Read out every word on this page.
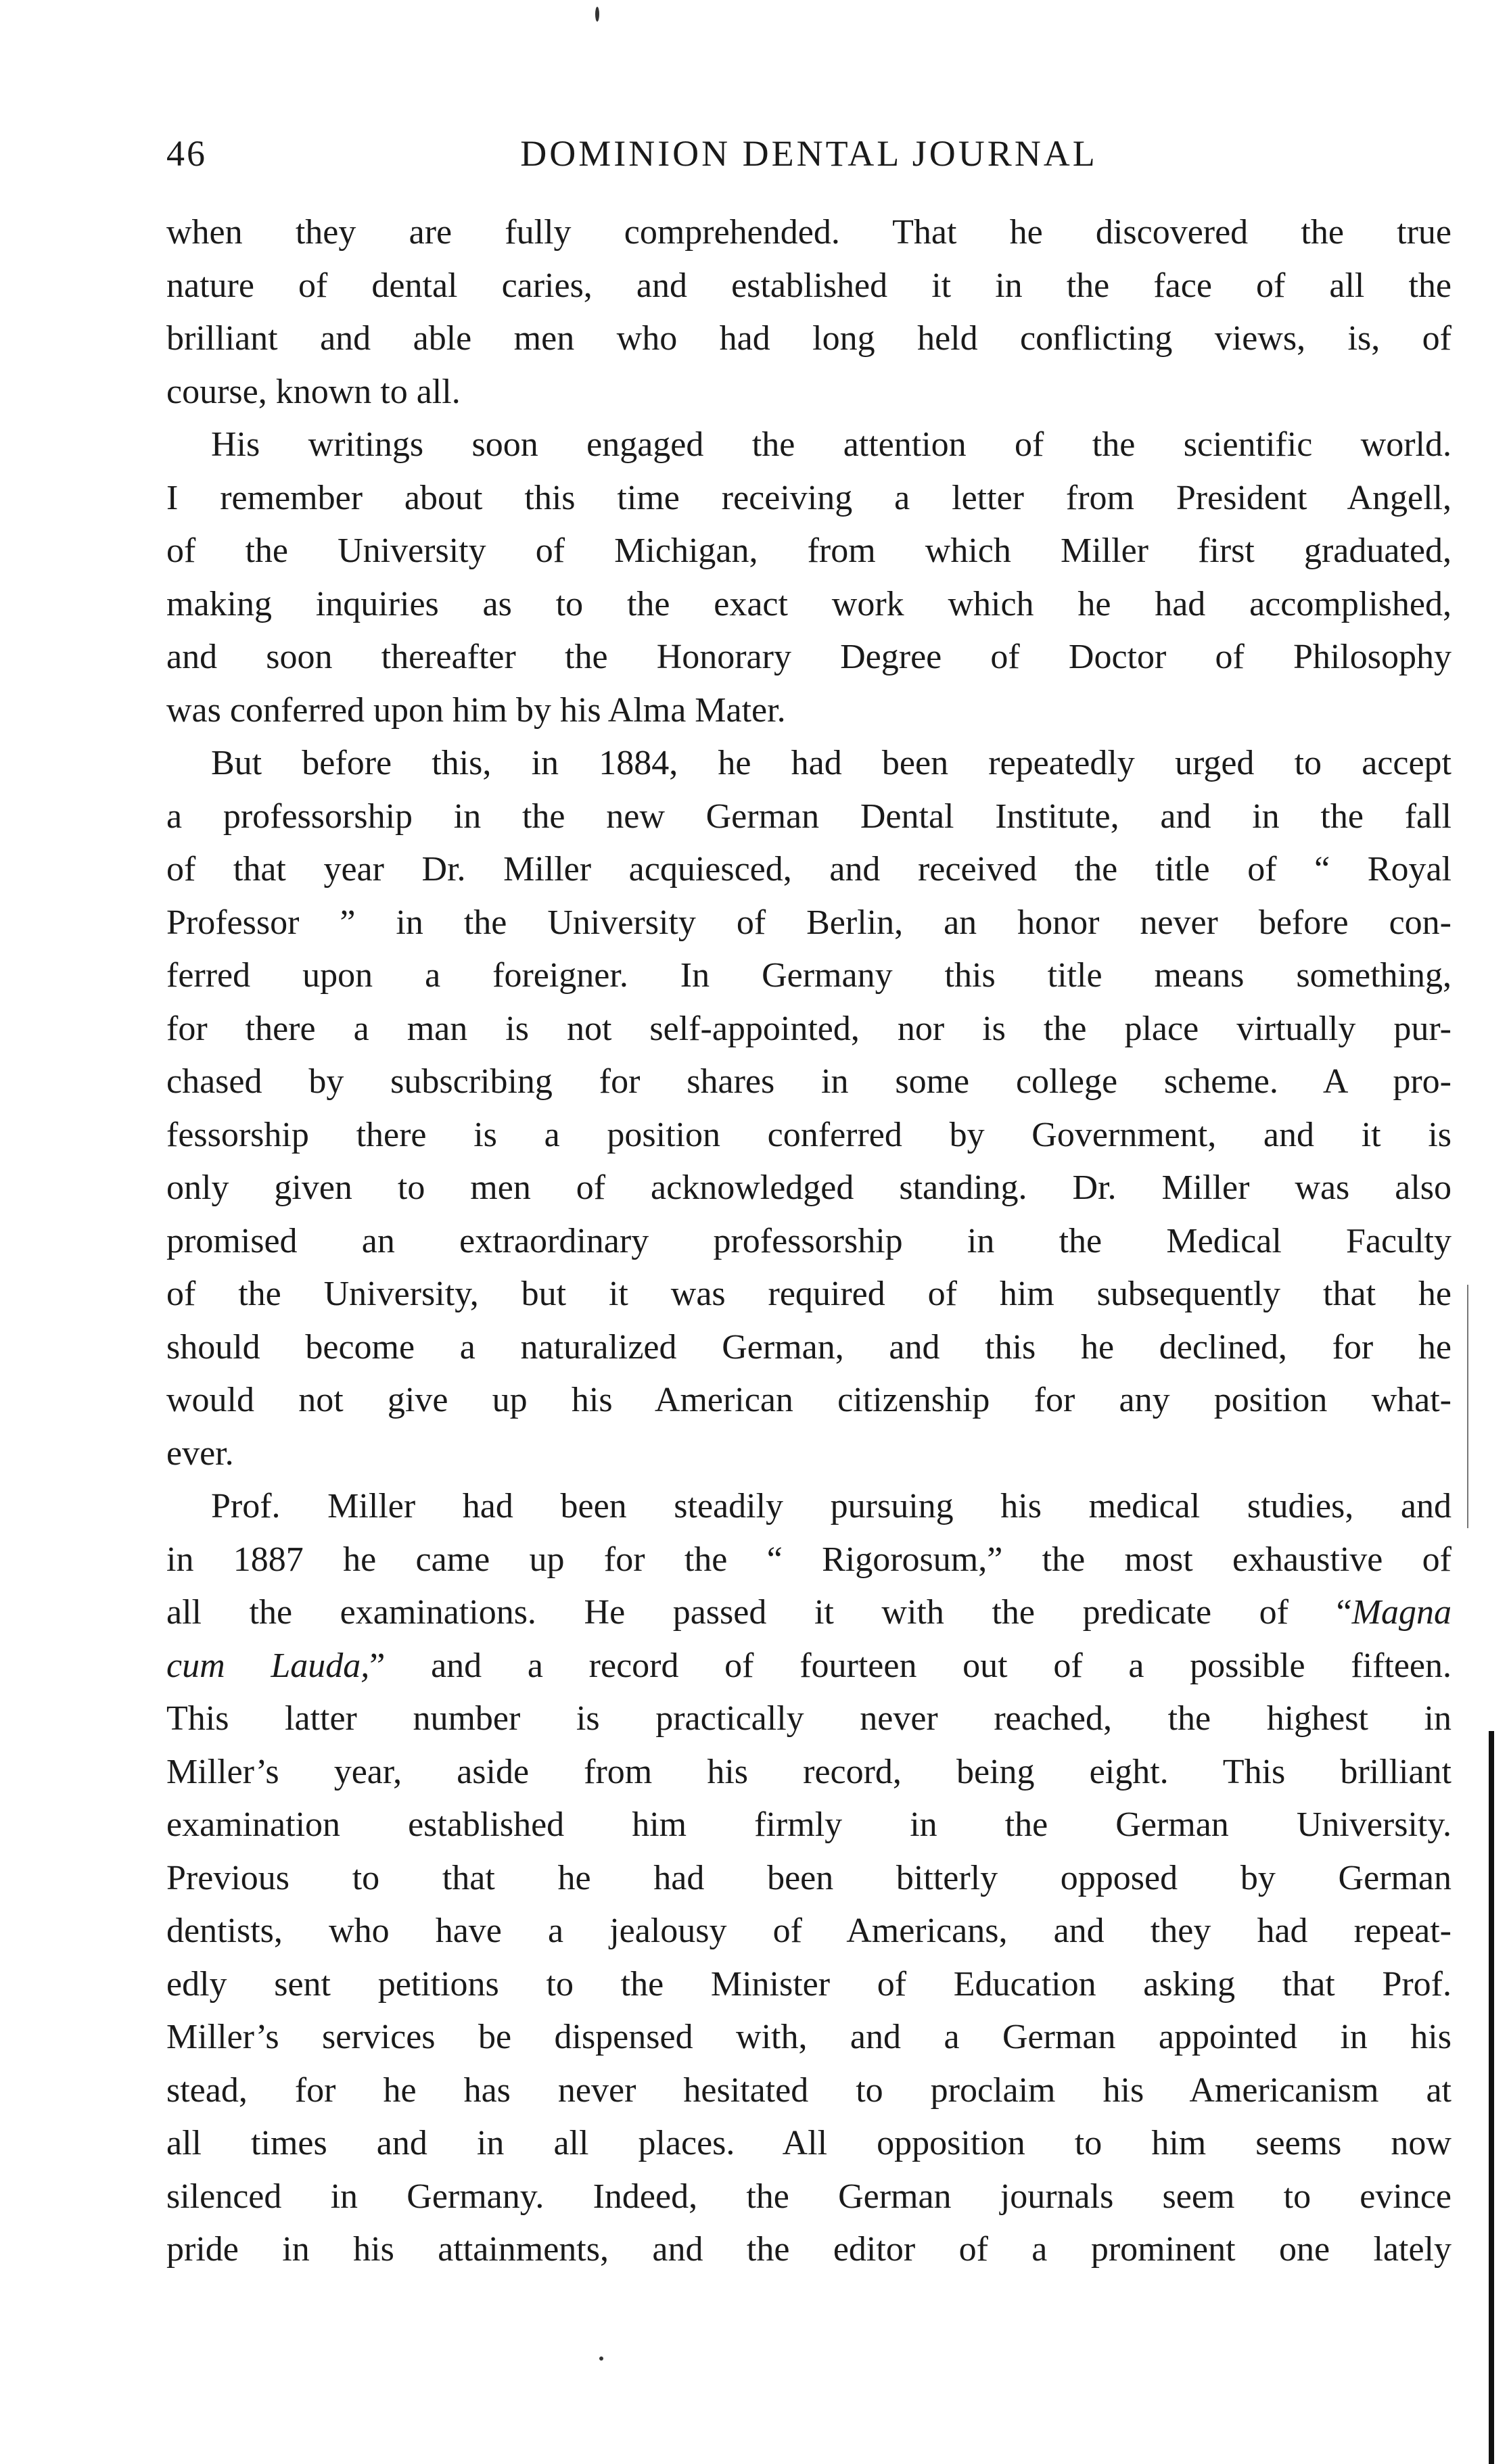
46	DOMINION DENTAL JOURNAL
when they are fully comprehended. That he discovered the true
nature of dental caries, and established it in the face of all the
brilliant and able men who had long held conflicting views, is, of
course, known to all.
His writings soon engaged the attention of the scientific world.
I remember about this time receiving a letter from President Angell,
of the University of Michigan, from which Miller first graduated,
making inquiries as to the exact work which he had accomplished,
and soon thereafter the Honorary Degree of Doctor of Philosophy
was conferred upon him by his Alma Mater.
But before this, in 1884, he had been repeatedly urged to accept
a professorship in the new German Dental Institute, and in the fall
of that year Dr. Miller acquiesced, and received the title of “ Royal
Professor ” in the University of Berlin, an honor never before con-
ferred upon a foreigner. In Germany this title means something,
for there a man is not self-appointed, nor is the place virtually pur-
chased by subscribing for shares in some college scheme. A pro-
fessorship there is a position conferred by Government, and it is
only given to men of acknowledged standing. Dr. Miller was also
promised an extraordinary professorship in the Medical Faculty
of the University, but it was required of him subsequently that he
should become a naturalized German, and this he declined, for he
would not give up his American citizenship for any position what-
ever.
Prof. Miller had been steadily pursuing his medical studies, and
in 1887 he came up for the “ Rigorosum,” the most exhaustive of
all the examinations. He passed it with the predicate of “Magna
cum Lauda,” and a record of fourteen out of a possible fifteen.
This latter number is practically never reached, the highest in
Miller’s year, aside from his record, being eight. This brilliant
examination established him firmly in the German University.
Previous to that he had been bitterly opposed by German
dentists, who have a jealousy of Americans, and they had repeat-
edly sent petitions to the Minister of Education asking that Prof.
Miller’s services be dispensed with, and a German appointed in his
stead, for he has never hesitated to proclaim his Americanism at
all times and in all places. All opposition to him seems now
silenced in Germany. Indeed, the German journals seem to evince
pride in his attainments, and the editor of a prominent one lately
